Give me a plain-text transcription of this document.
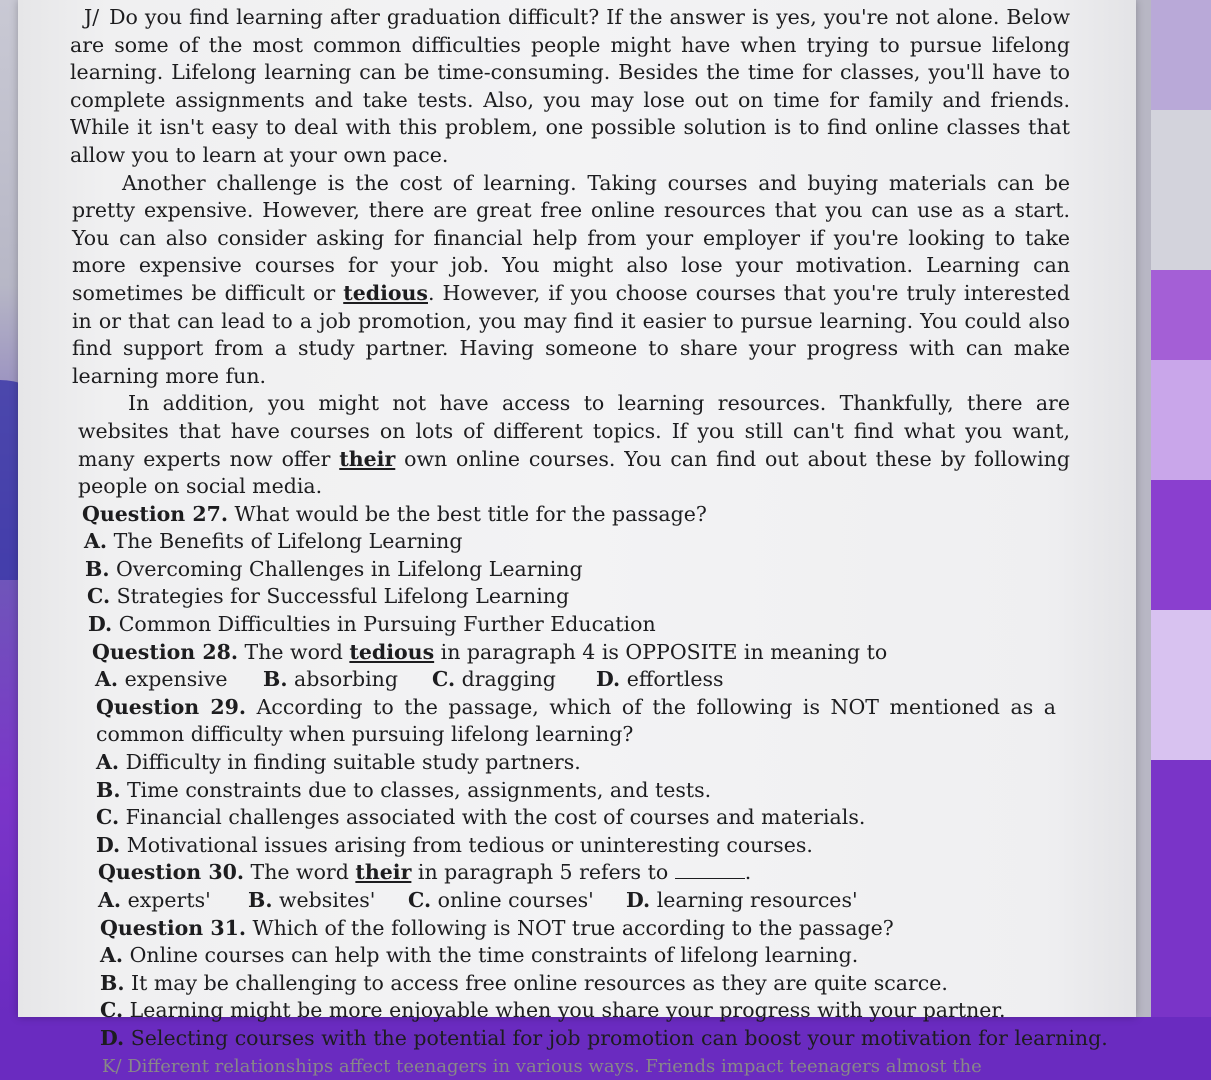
J/ Do you find learning after graduation difficult? If the answer is yes, you're not alone. Below are some of the most common difficulties people might have when trying to pursue lifelong learning. Lifelong learning can be time-consuming. Besides the time for classes, you'll have to complete assignments and take tests. Also, you may lose out on time for family and friends. While it isn't easy to deal with this problem, one possible solution is to find online classes that allow you to learn at your own pace.

Another challenge is the cost of learning. Taking courses and buying materials can be pretty expensive. However, there are great free online resources that you can use as a start. You can also consider asking for financial help from your employer if you're looking to take more expensive courses for your job. You might also lose your motivation. Learning can sometimes be difficult or tedious. However, if you choose courses that you're truly interested in or that can lead to a job promotion, you may find it easier to pursue learning. You could also find support from a study partner. Having someone to share your progress with can make learning more fun.

In addition, you might not have access to learning resources. Thankfully, there are websites that have courses on lots of different topics. If you still can't find what you want, many experts now offer their own online courses. You can find out about these by following people on social media.

Question 27. What would be the best title for the passage?

A. The Benefits of Lifelong Learning

B. Overcoming Challenges in Lifelong Learning

C. Strategies for Successful Lifelong Learning

D. Common Difficulties in Pursuing Further Education

Question 28. The word tedious in paragraph 4 is OPPOSITE in meaning to

A. expensive	B. absorbing	C. dragging	D. effortless

Question 29. According to the passage, which of the following is NOT mentioned as a common difficulty when pursuing lifelong learning?

A. Difficulty in finding suitable study partners.

B. Time constraints due to classes, assignments, and tests.

C. Financial challenges associated with the cost of courses and materials.

D. Motivational issues arising from tedious or uninteresting courses.

Question 30. The word their in paragraph 5 refers to	.

A. experts'	B. websites'	C. online courses'	D. learning resources'

Question 31. Which of the following is NOT true according to the passage?

A. Online courses can help with the time constraints of lifelong learning.

B. It may be challenging to access free online resources as they are quite scarce.

C. Learning might be more enjoyable when you share your progress with your partner.

D. Selecting courses with the potential for job promotion can boost your motivation for learning.

K/ Different relationships affect teenagers in various ways. Friends impact teenagers almost the
